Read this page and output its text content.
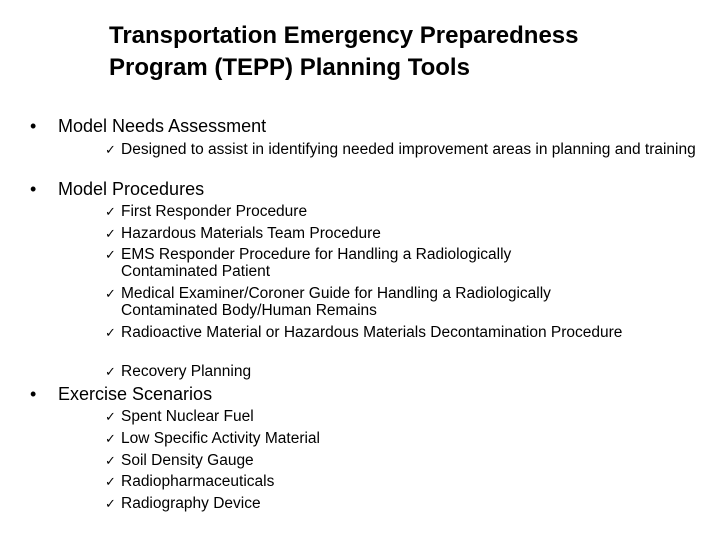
Transportation Emergency Preparedness
Program (TEPP) Planning Tools
• Model Needs Assessment
✓ Designed to assist in identifying needed improvement areas in planning and training
• Model Procedures
✓ First Responder Procedure
✓ Hazardous Materials Team Procedure
✓ EMS Responder Procedure for Handling a Radiologically Contaminated Patient
✓ Medical Examiner/Coroner Guide for Handling a Radiologically Contaminated Body/Human Remains
✓ Radioactive Material or Hazardous Materials Decontamination Procedure
✓ Recovery Planning
• Exercise Scenarios
✓ Spent Nuclear Fuel
✓ Low Specific Activity Material
✓ Soil Density Gauge
✓ Radiopharmaceuticals
✓ Radiography Device
